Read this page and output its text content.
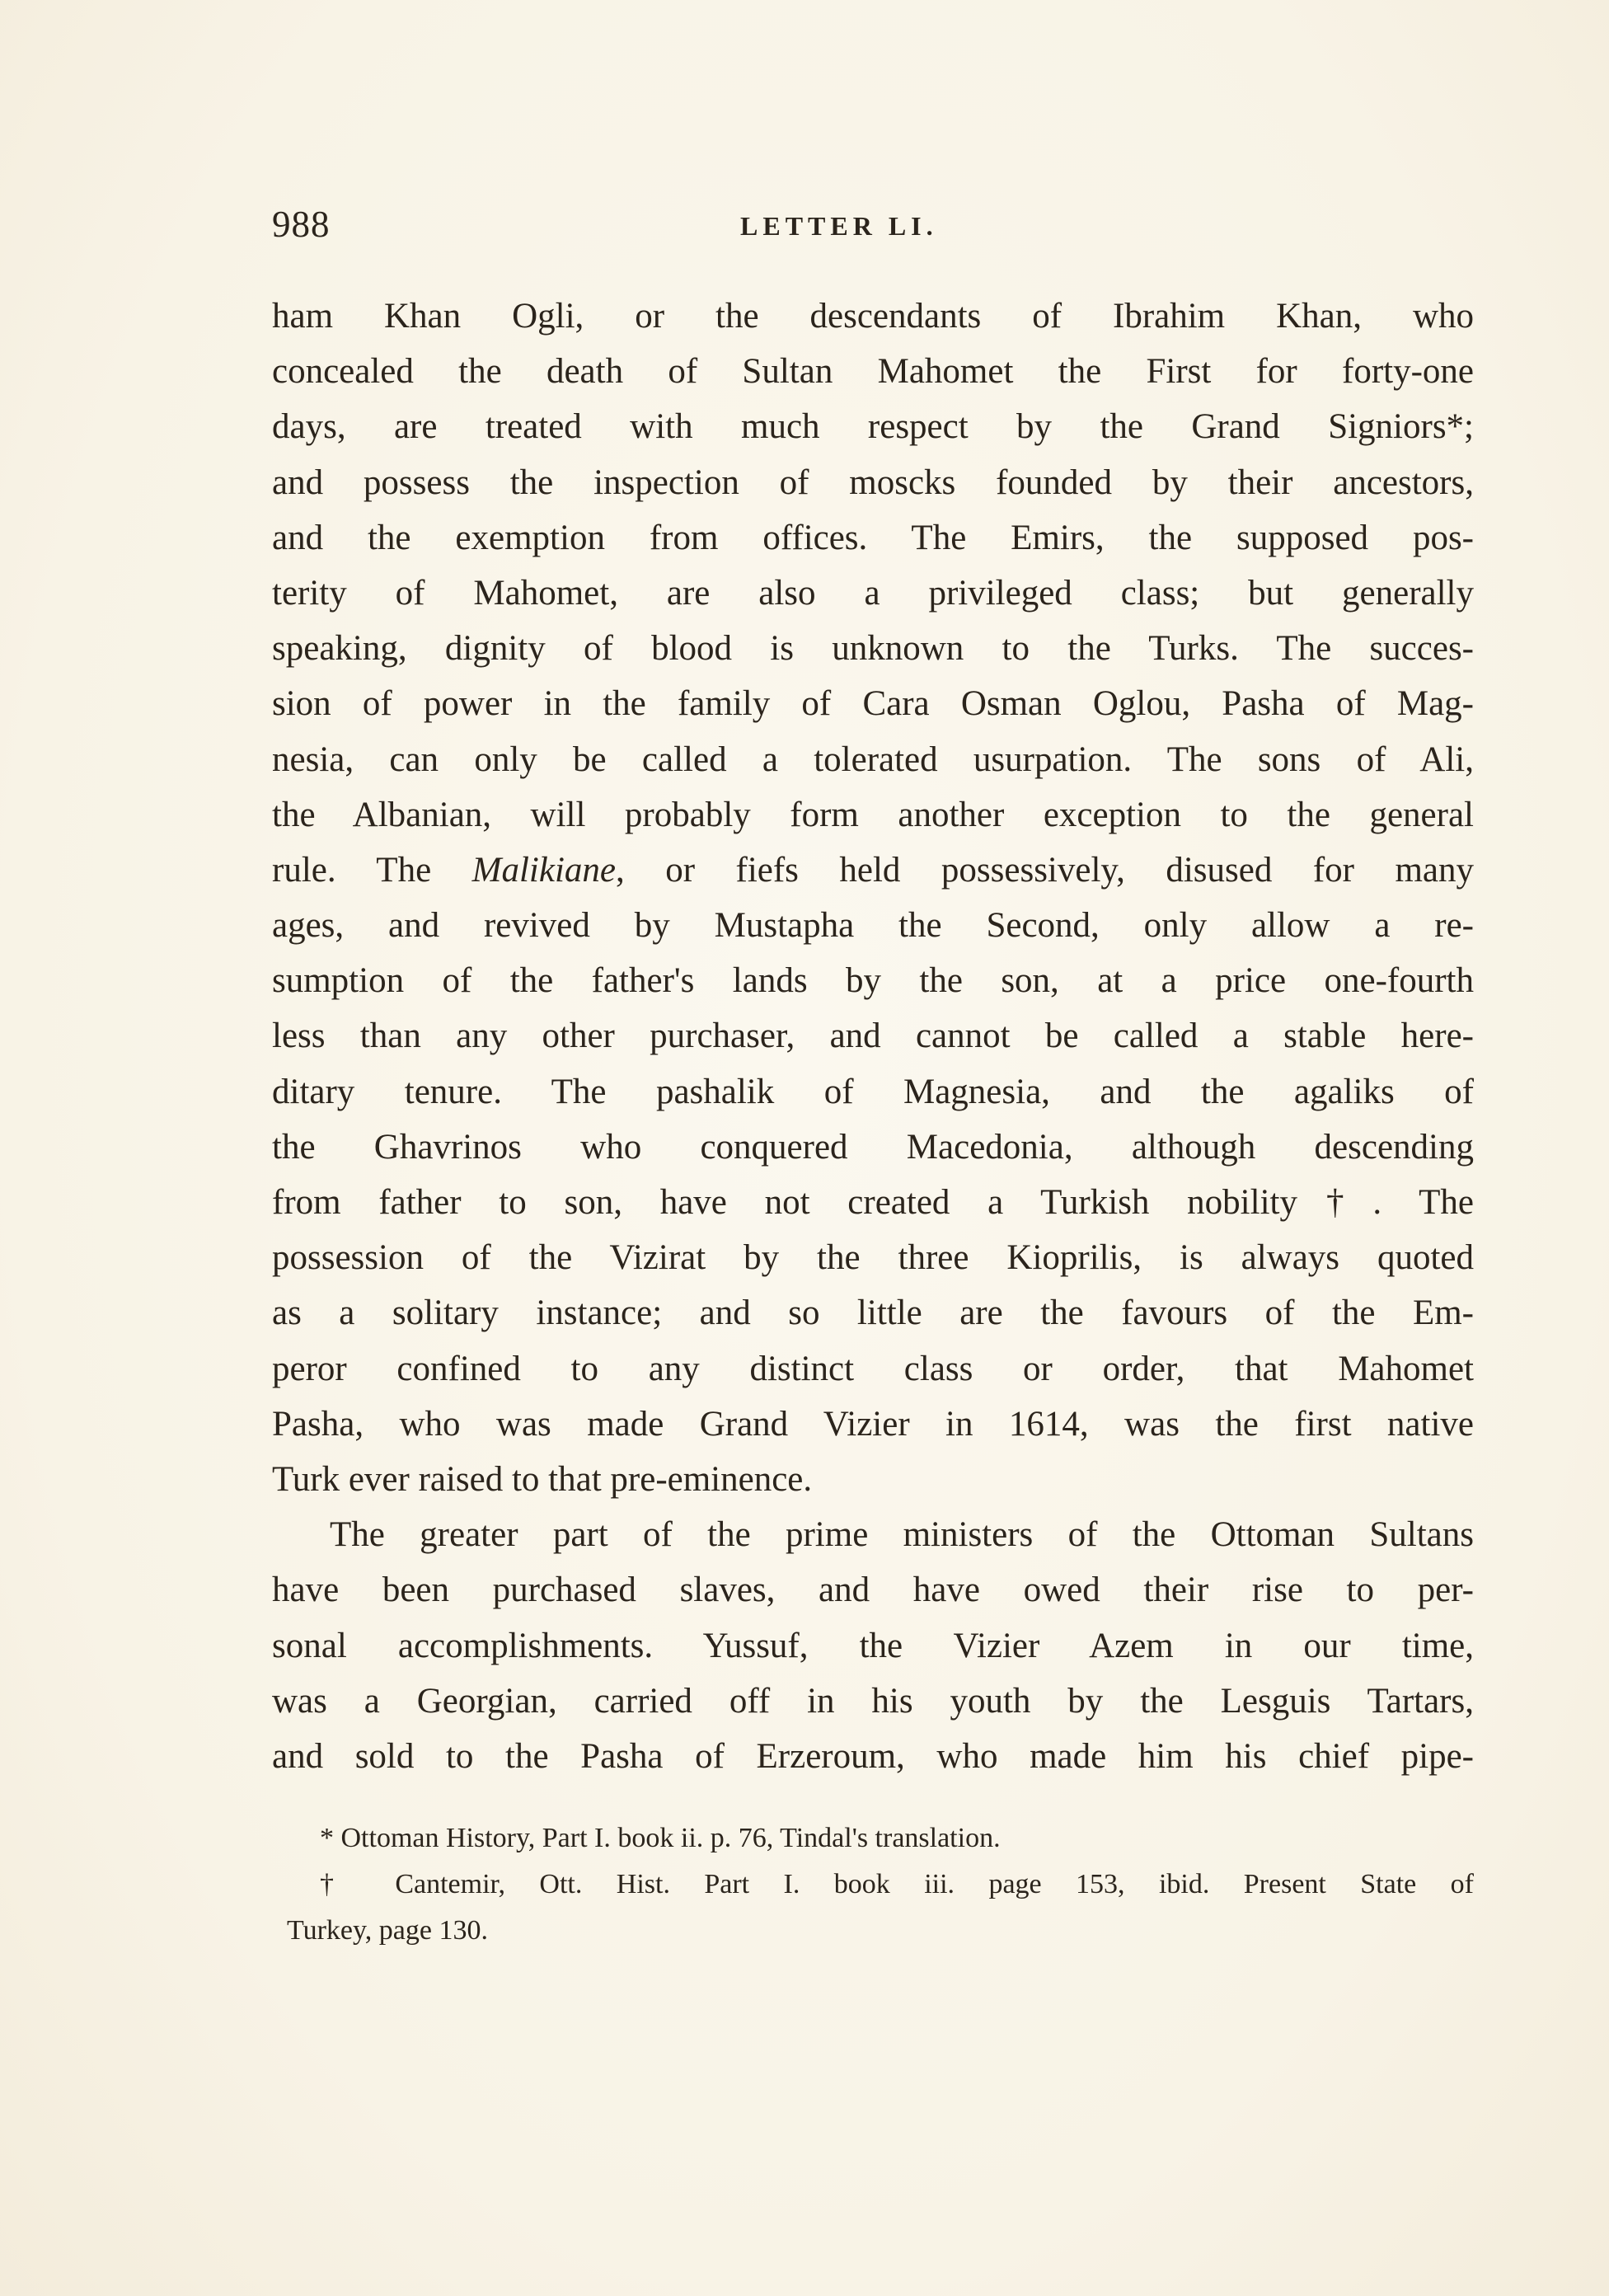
988	LETTER LI.

ham Khan Ogli, or the descendants of Ibrahim Khan, who
concealed the death of Sultan Mahomet the First for forty-one
days, are treated with much respect by the Grand Signiors*;
and possess the inspection of moscks founded by their ancestors,
and the exemption from offices. The Emirs, the supposed pos-
terity of Mahomet, are also a privileged class; but generally
speaking, dignity of blood is unknown to the Turks. The succes-
sion of power in the family of Cara Osman Oglou, Pasha of Mag-
nesia, can only be called a tolerated usurpation. The sons of Ali,
the Albanian, will probably form another exception to the general
rule. The Malikiane, or fiefs held possessively, disused for many
ages, and revived by Mustapha the Second, only allow a re-
sumption of the father's lands by the son, at a price one-fourth
less than any other purchaser, and cannot be called a stable here-
ditary tenure. The pashalik of Magnesia, and the agaliks of
the Ghavrinos who conquered Macedonia, although descending
from father to son, have not created a Turkish nobility†. The
possession of the Vizirat by the three Kioprilis, is always quoted
as a solitary instance; and so little are the favours of the Em-
peror confined to any distinct class or order, that Mahomet
Pasha, who was made Grand Vizier in 1614, was the first native
Turk ever raised to that pre-eminence.

The greater part of the prime ministers of the Ottoman Sultans
have been purchased slaves, and have owed their rise to per-
sonal accomplishments. Yussuf, the Vizier Azem in our time,
was a Georgian, carried off in his youth by the Lesguis Tartars,
and sold to the Pasha of Erzeroum, who made him his chief pipe-

* Ottoman History, Part I. book ii. p. 76, Tindal's translation.
† Cantemir, Ott. Hist. Part I. book iii. page 153, ibid. Present State of
Turkey, page 130.
